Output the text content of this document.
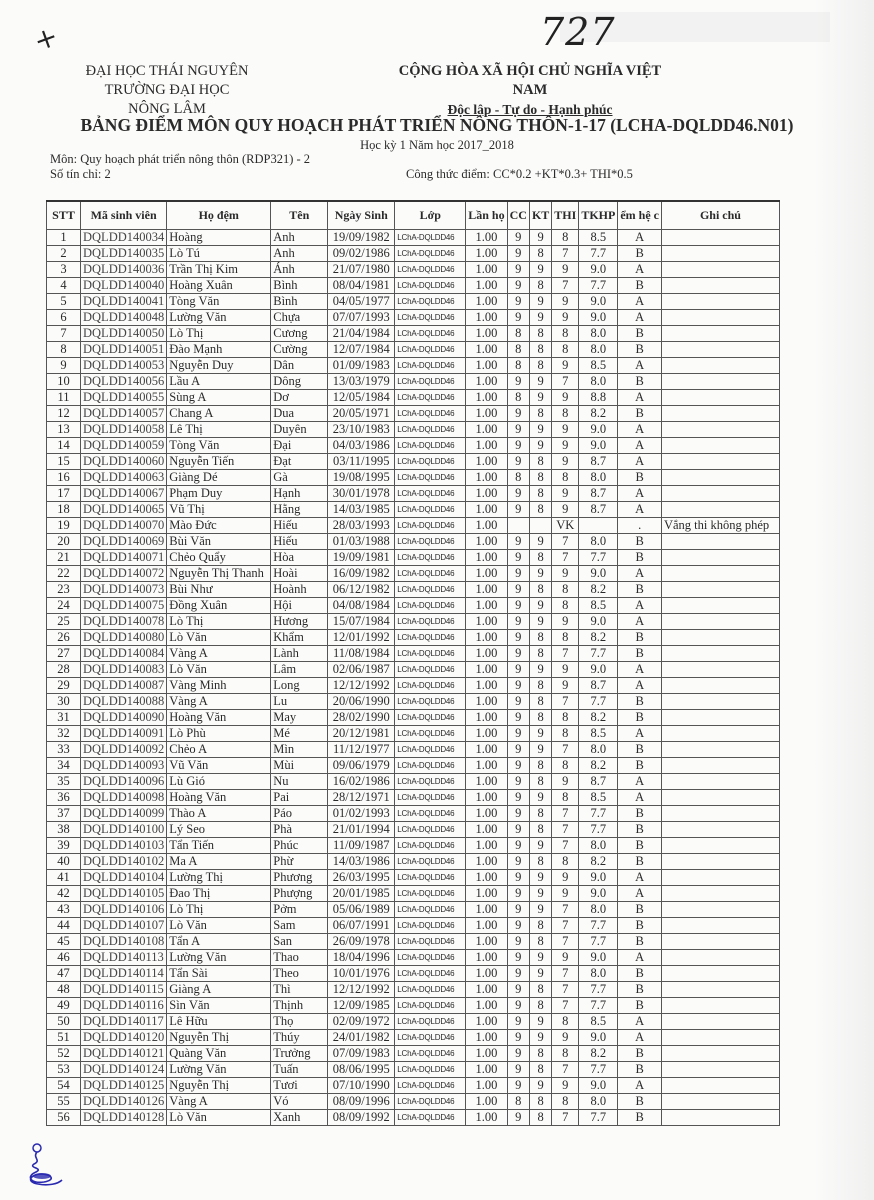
+	727
ĐẠI HỌC THÁI NGUYÊN
TRƯỜNG ĐẠI HỌC NÔNG LÂM
CỘNG HÒA XÃ HỘI CHỦ NGHĨA VIỆT NAM
Độc lập - Tự do - Hạnh phúc
BẢNG ĐIỂM MÔN QUY HOẠCH PHÁT TRIỂN NÔNG THÔN-1-17 (LCHA-DQLDD46.N01)
Học kỳ 1 Năm học 2017_2018
Môn: Quy hoạch phát triển nông thôn (RDP321) - 2
Số tín chỉ: 2	Công thức điểm: CC*0.2 +KT*0.3+ THI*0.5
STT	Mã sinh viên	Họ đệm	Tên	Ngày Sinh	Lớp	Lần họ	CC	KT	THI	TKHP	ểm hệ c	Ghi chú
1	DQLDD140034	Hoàng	Anh	19/09/1982	LChA-DQLDD46	1.00	9	9	8	8.5	A	
2	DQLDD140035	Lò Tú	Anh	09/02/1986	LChA-DQLDD46	1.00	9	8	7	7.7	B	
3	DQLDD140036	Trần Thị Kim	Ánh	21/07/1980	LChA-DQLDD46	1.00	9	9	9	9.0	A	
4	DQLDD140040	Hoàng Xuân	Bình	08/04/1981	LChA-DQLDD46	1.00	9	8	7	7.7	B	
5	DQLDD140041	Tòng Văn	Bình	04/05/1977	LChA-DQLDD46	1.00	9	9	9	9.0	A	
6	DQLDD140048	Lường Văn	Chựa	07/07/1993	LChA-DQLDD46	1.00	9	9	9	9.0	A	
7	DQLDD140050	Lò Thị	Cương	21/04/1984	LChA-DQLDD46	1.00	8	8	8	8.0	B	
8	DQLDD140051	Đào Mạnh	Cường	12/07/1984	LChA-DQLDD46	1.00	8	8	8	8.0	B	
9	DQLDD140053	Nguyễn Duy	Dân	01/09/1983	LChA-DQLDD46	1.00	8	8	9	8.5	A	
10	DQLDD140056	Lầu A	Dông	13/03/1979	LChA-DQLDD46	1.00	9	9	7	8.0	B	
11	DQLDD140055	Sùng A	Dơ	12/05/1984	LChA-DQLDD46	1.00	8	9	9	8.8	A	
12	DQLDD140057	Chang A	Dua	20/05/1971	LChA-DQLDD46	1.00	9	8	8	8.2	B	
13	DQLDD140058	Lê Thị	Duyên	23/10/1983	LChA-DQLDD46	1.00	9	9	9	9.0	A	
14	DQLDD140059	Tòng Văn	Đại	04/03/1986	LChA-DQLDD46	1.00	9	9	9	9.0	A	
15	DQLDD140060	Nguyễn Tiến	Đạt	03/11/1995	LChA-DQLDD46	1.00	9	8	9	8.7	A	
16	DQLDD140063	Giàng Dé	Gà	19/08/1995	LChA-DQLDD46	1.00	8	8	8	8.0	B	
17	DQLDD140067	Phạm Duy	Hạnh	30/01/1978	LChA-DQLDD46	1.00	9	8	9	8.7	A	
18	DQLDD140065	Vũ Thị	Hằng	14/03/1985	LChA-DQLDD46	1.00	9	8	9	8.7	A	
19	DQLDD140070	Mào Đức	Hiếu	28/03/1993	LChA-DQLDD46	1.00			VK		.	Vắng thi không phép
20	DQLDD140069	Bùi Văn	Hiếu	01/03/1988	LChA-DQLDD46	1.00	9	9	7	8.0	B	
21	DQLDD140071	Chẻo Quẩy	Hòa	19/09/1981	LChA-DQLDD46	1.00	9	8	7	7.7	B	
22	DQLDD140072	Nguyễn Thị Thanh	Hoài	16/09/1982	LChA-DQLDD46	1.00	9	9	9	9.0	A	
23	DQLDD140073	Bùi Như	Hoành	06/12/1982	LChA-DQLDD46	1.00	9	8	8	8.2	B	
24	DQLDD140075	Đồng Xuân	Hội	04/08/1984	LChA-DQLDD46	1.00	9	9	8	8.5	A	
25	DQLDD140078	Lò Thị	Hương	15/07/1984	LChA-DQLDD46	1.00	9	9	9	9.0	A	
26	DQLDD140080	Lò Văn	Khẩm	12/01/1992	LChA-DQLDD46	1.00	9	8	8	8.2	B	
27	DQLDD140084	Vàng A	Lành	11/08/1984	LChA-DQLDD46	1.00	9	8	7	7.7	B	
28	DQLDD140083	Lò Văn	Lâm	02/06/1987	LChA-DQLDD46	1.00	9	9	9	9.0	A	
29	DQLDD140087	Vàng Minh	Long	12/12/1992	LChA-DQLDD46	1.00	9	8	9	8.7	A	
30	DQLDD140088	Vàng A	Lu	20/06/1990	LChA-DQLDD46	1.00	9	8	7	7.7	B	
31	DQLDD140090	Hoàng Văn	May	28/02/1990	LChA-DQLDD46	1.00	9	8	8	8.2	B	
32	DQLDD140091	Lò Phù	Mé	20/12/1981	LChA-DQLDD46	1.00	9	9	8	8.5	A	
33	DQLDD140092	Chẻo A	Mìn	11/12/1977	LChA-DQLDD46	1.00	9	9	7	8.0	B	
34	DQLDD140093	Vũ Văn	Mùi	09/06/1979	LChA-DQLDD46	1.00	9	8	8	8.2	B	
35	DQLDD140096	Lù Gió	Nu	16/02/1986	LChA-DQLDD46	1.00	9	8	9	8.7	A	
36	DQLDD140098	Hoàng Văn	Pai	28/12/1971	LChA-DQLDD46	1.00	9	9	8	8.5	A	
37	DQLDD140099	Thào A	Páo	01/02/1993	LChA-DQLDD46	1.00	9	8	7	7.7	B	
38	DQLDD140100	Lý Seo	Phà	21/01/1994	LChA-DQLDD46	1.00	9	8	7	7.7	B	
39	DQLDD140103	Tẩn Tiến	Phúc	11/09/1987	LChA-DQLDD46	1.00	9	9	7	8.0	B	
40	DQLDD140102	Ma A	Phừ	14/03/1986	LChA-DQLDD46	1.00	9	8	8	8.2	B	
41	DQLDD140104	Lường Thị	Phương	26/03/1995	LChA-DQLDD46	1.00	9	9	9	9.0	A	
42	DQLDD140105	Đao Thị	Phượng	20/01/1985	LChA-DQLDD46	1.00	9	9	9	9.0	A	
43	DQLDD140106	Lò Thị	Pởm	05/06/1989	LChA-DQLDD46	1.00	9	9	7	8.0	B	
44	DQLDD140107	Lò Văn	Sam	06/07/1991	LChA-DQLDD46	1.00	9	8	7	7.7	B	
45	DQLDD140108	Tẩn A	San	26/09/1978	LChA-DQLDD46	1.00	9	8	7	7.7	B	
46	DQLDD140113	Lường Văn	Thao	18/04/1996	LChA-DQLDD46	1.00	9	9	9	9.0	A	
47	DQLDD140114	Tẩn Sài	Theo	10/01/1976	LChA-DQLDD46	1.00	9	9	7	8.0	B	
48	DQLDD140115	Giàng A	Thì	12/12/1992	LChA-DQLDD46	1.00	9	8	7	7.7	B	
49	DQLDD140116	Sìn Văn	Thịnh	12/09/1985	LChA-DQLDD46	1.00	9	8	7	7.7	B	
50	DQLDD140117	Lê Hữu	Thọ	02/09/1972	LChA-DQLDD46	1.00	9	9	8	8.5	A	
51	DQLDD140120	Nguyễn Thị	Thúy	24/01/1982	LChA-DQLDD46	1.00	9	9	9	9.0	A	
52	DQLDD140121	Quàng Văn	Trưởng	07/09/1983	LChA-DQLDD46	1.00	9	8	8	8.2	B	
53	DQLDD140124	Lường Văn	Tuấn	08/06/1995	LChA-DQLDD46	1.00	9	8	7	7.7	B	
54	DQLDD140125	Nguyễn Thị	Tươi	07/10/1990	LChA-DQLDD46	1.00	9	9	9	9.0	A	
55	DQLDD140126	Vàng A	Vó	08/09/1996	LChA-DQLDD46	1.00	8	8	8	8.0	B	
56	DQLDD140128	Lò Văn	Xanh	08/09/1992	LChA-DQLDD46	1.00	9	8	7	7.7	B	
